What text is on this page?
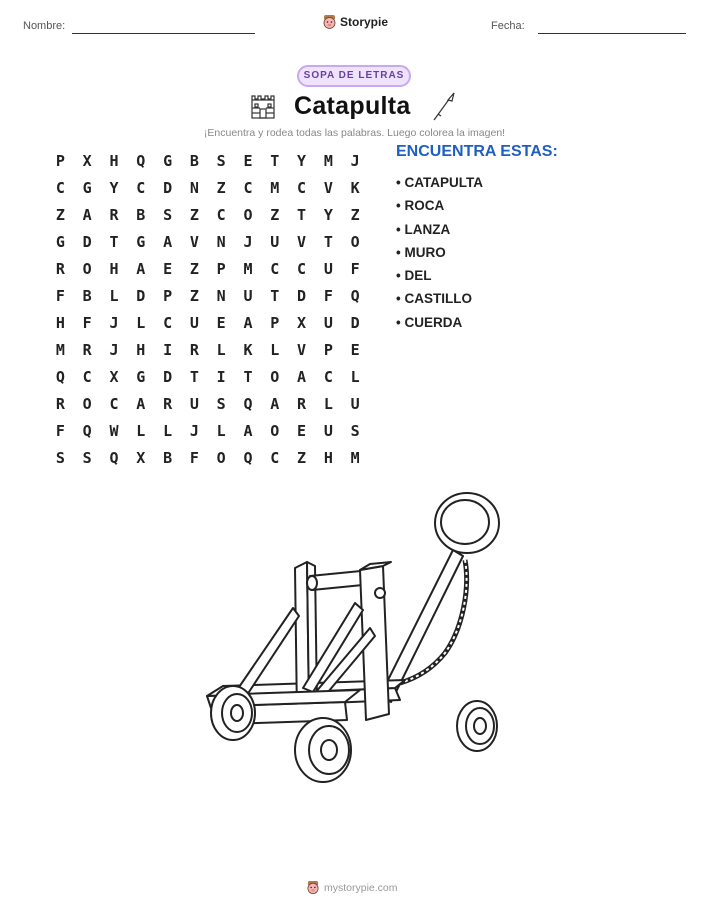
Nombre:	Storypie	Fecha:
SOPA DE LETRAS
Catapulta
¡Encuentra y rodea todas las palabras. Luego colorea la imagen!
P	X	H	Q	G	B	S	E	T	Y	M	J
C	G	Y	C	D	N	Z	C	M	C	V	K
Z	A	R	B	S	Z	C	O	Z	T	Y	Z
G	D	T	G	A	V	N	J	U	V	T	O
R	O	H	A	E	Z	P	M	C	C	U	F
F	B	L	D	P	Z	N	U	T	D	F	Q
H	F	J	L	C	U	E	A	P	X	U	D
M	R	J	H	I	R	L	K	L	V	P	E
Q	C	X	G	D	T	I	T	O	A	C	L
R	O	C	A	R	U	S	Q	A	R	L	U
F	Q	W	L	L	J	L	A	O	E	U	S
S	S	Q	X	B	F	O	Q	C	Z	H	M
ENCUENTRA ESTAS:
• CATAPULTA
• ROCA
• LANZA
• MURO
• DEL
• CASTILLO
• CUERDA
mystorypie.com
